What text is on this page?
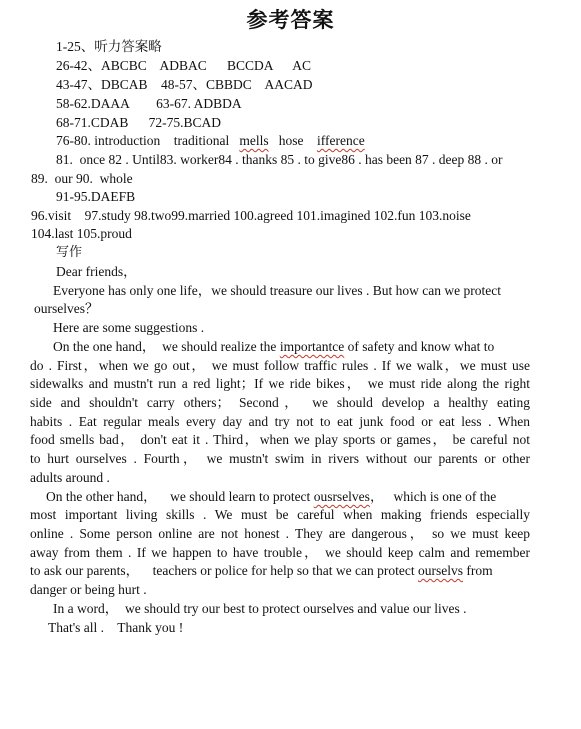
参考答案
1-25、听力答案略
26-42、ABCBC    ADBAC      BCCDA      AC
43-47、DBCAB    48-57、CBBDC    AACAD
58-62.DAAA        63-67. ADBDA
68-71.CDAB      72-75.BCAD
76-80. introduction    traditional   mells   hose    ifference
81.  once 82 . Until83. worker84 . thanks 85 . to give86 . has been 87 . deep 88 . or
89.  our 90.  whole
91-95.DAEFB
96.visit    97.study 98.two99.married 100.agreed 101.imagined 102.fun 103.noise
104.last 105.proud
写作
Dear friends，
Everyone has only one life，we should treasure our lives . But how can we protect
ourselves？
Here are some suggestions .
On the one hand，  we should realize the importantce of safety and know what to
do . First，when we go out， we must follow traffic rules . If we walk，we must use
sidewalks and mustn't run a red light；If we ride bikes， we must ride along the right
side and shouldn't carry others； Second， we should develop a healthy eating
habits . Eat regular meals every day and try not to eat junk food or eat less . When
food smells bad， don't eat it . Third，when we play sports or games， be careful not
to hurt ourselves . Fourth， we mustn't swim in rivers without our parents or other
adults around .
On the other hand，    we should learn to protect ousrselves，   which is one of the
most important living skills . We must be careful when making friends especially
online . Some person online are not honest . They are dangerous， so we must keep
away from them . If we happen to have trouble， we should keep calm and remember
to ask our parents，    teachers or police for help so that we can protect ourselvs from
danger or being hurt .
In a word，  we should try our best to protect ourselves and value our lives .
That's all .    Thank you !
